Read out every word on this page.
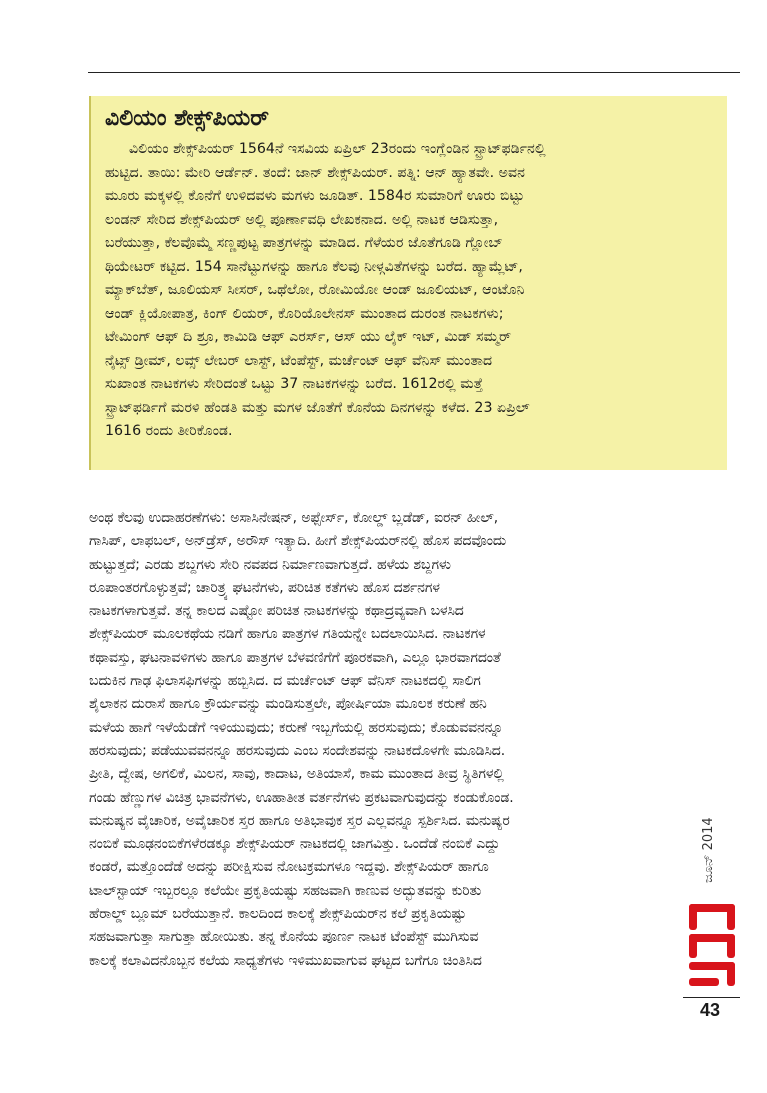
ವಿಲಿಯಂ ಶೇಕ್ಸ್‌ಪಿಯರ್
ವಿಲಿಯಂ ಶೇಕ್ಸ್‌ಪಿಯರ್ 1564ನೆ ಇಸವಿಯ ಏಪ್ರಿಲ್ 23ರಂದು ಇಂಗ್ಲೆಂಡಿನ ಸ್ಟ್ರಾಟ್‌ಫರ್ಡಿನಲ್ಲಿ
ಹುಟ್ಟಿದ. ತಾಯಿ: ಮೇರಿ ಆರ್ಡೆನ್. ತಂದೆ: ಜಾನ್ ಶೇಕ್ಸ್‌ಪಿಯರ್. ಪತ್ನಿ: ಆನ್ ಹ್ಯಾತವೇ. ಅವನ
ಮೂರು ಮಕ್ಕಳಲ್ಲಿ ಕೊನೆಗೆ ಉಳಿದವಳು ಮಗಳು ಜೂಡಿತ್. 1584ರ ಸುಮಾರಿಗೆ ಊರು ಬಿಟ್ಟು
ಲಂಡನ್ ಸೇರಿದ ಶೇಕ್ಸ್‌ಪಿಯರ್ ಅಲ್ಲಿ ಪೂರ್ಣಾವಧಿ ಲೇಖಕನಾದ. ಅಲ್ಲಿ ನಾಟಕ ಆಡಿಸುತ್ತಾ,
ಬರೆಯುತ್ತಾ, ಕೆಲವೊಮ್ಮೆ ಸಣ್ಣಪುಟ್ಟ ಪಾತ್ರಗಳನ್ನು ಮಾಡಿದ. ಗೆಳೆಯರ ಜೊತೆಗೂಡಿ ಗ್ಲೋಬ್
ಥಿಯೇಟರ್ ಕಟ್ಟಿದ. 154 ಸಾನೆಟ್ಟುಗಳನ್ನು ಹಾಗೂ ಕೆಲವು ನೀಳ್ಗವಿತೆಗಳನ್ನು ಬರೆದ. ಹ್ಯಾಮ್ಲೆಟ್,
ಮ್ಯಾಕ್‌ಬೆತ್, ಜೂಲಿಯಸ್ ಸೀಸರ್, ಒಥೆಲೋ, ರೋಮಿಯೋ ಆಂಡ್ ಜೂಲಿಯಟ್, ಆಂಟೊನಿ
ಆಂಡ್ ಕ್ಲಿಯೋಪಾತ್ರ, ಕಿಂಗ್ ಲಿಯರ್, ಕೊರಿಯೊಲೇನಸ್ ಮುಂತಾದ ದುರಂತ ನಾಟಕಗಳು;
ಟೇಮಿಂಗ್ ಆಫ್ ದಿ ಶ್ರೂ, ಕಾಮಿಡಿ ಆಫ್ ಎರರ್ಸ್, ಆಸ್ ಯು ಲೈಕ್ ಇಟ್, ಮಿಡ್ ಸಮ್ಮರ್
ನೈಟ್ಸ್ ಡ್ರೀಮ್, ಲವ್ಸ್ ಲೇಬರ್ ಲಾಸ್ಟ್, ಟೆಂಪೆಸ್ಟ್, ಮರ್ಚೆಂಟ್ ಆಫ್ ವೆನಿಸ್ ಮುಂತಾದ
ಸುಖಾಂತ ನಾಟಕಗಳು ಸೇರಿದಂತೆ ಒಟ್ಟು 37 ನಾಟಕಗಳನ್ನು ಬರೆದ. 1612ರಲ್ಲಿ ಮತ್ತೆ
ಸ್ಟ್ರಾಟ್‌ಫರ್ಡಿಗೆ ಮರಳಿ ಹೆಂಡತಿ ಮತ್ತು ಮಗಳ ಜೊತೆಗೆ ಕೊನೆಯ ದಿನಗಳನ್ನು ಕಳೆದ. 23 ಏಪ್ರಿಲ್
1616 ರಂದು ತೀರಿಕೊಂಡ.
ಅಂಥ ಕೆಲವು ಉದಾಹರಣೆಗಳು: ಅಸಾಸಿನೇಷನ್, ಅಫ್ಸೇರ್ಸ್, ಕೋಲ್ಡ್ ಬ್ಲಡೆಡ್, ಐರನ್ ಹೀಲ್,
ಗಾಸಿಪ್, ಲಾಫಬಲ್, ಅನ್‌ಡ್ರೆಸ್, ಅರೌಸ್ ಇತ್ಯಾದಿ. ಹೀಗೆ ಶೇಕ್ಸ್‌ಪಿಯರ್‌ನಲ್ಲಿ ಹೊಸ ಪದವೊಂದು
ಹುಟ್ಟುತ್ತದೆ; ಎರಡು ಶಬ್ದಗಳು ಸೇರಿ ನವಪದ ನಿರ್ಮಾಣವಾಗುತ್ತದೆ. ಹಳೆಯ ಶಬ್ದಗಳು
ರೂಪಾಂತರಗೊಳ್ಳುತ್ತವೆ; ಚಾರಿತ್ರ್ಯ ಘಟನೆಗಳು, ಪರಿಚಿತ ಕತೆಗಳು ಹೊಸ ದರ್ಶನಗಳ
ನಾಟಕಗಳಾಗುತ್ತವೆ. ತನ್ನ ಕಾಲದ ಎಷ್ಟೋ ಪರಿಚಿತ ನಾಟಕಗಳನ್ನು ಕಥಾದ್ರವ್ಯವಾಗಿ ಬಳಸಿದ
ಶೇಕ್ಸ್‌ಪಿಯರ್ ಮೂಲಕಥೆಯ ನಡಿಗೆ ಹಾಗೂ ಪಾತ್ರಗಳ ಗತಿಯನ್ನೇ ಬದಲಾಯಿಸಿದ. ನಾಟಕಗಳ
ಕಥಾವಸ್ತು, ಘಟನಾವಳಿಗಳು ಹಾಗೂ ಪಾತ್ರಗಳ ಬೆಳವಣಿಗೆಗೆ ಪೂರಕವಾಗಿ, ಎಲ್ಲೂ ಭಾರವಾಗದಂತೆ
ಬದುಕಿನ ಗಾಢ ಫಿಲಾಸಫಿಗಳನ್ನು ಹಬ್ಬಿಸಿದ. ದ ಮರ್ಚೆಂಟ್ ಆಫ್ ವೆನಿಸ್ ನಾಟಕದಲ್ಲಿ ಸಾಲಿಗ
ಶೈಲಾಕನ ದುರಾಸೆ ಹಾಗೂ ಕ್ರೌರ್ಯವನ್ನು ಮಂಡಿಸುತ್ತಲೇ, ಪೋರ್ಷಿಯಾ ಮೂಲಕ ಕರುಣೆ ಹನಿ
ಮಳೆಯ ಹಾಗೆ ಇಳೆಯೆಡೆಗೆ ಇಳಿಯುವುದು; ಕರುಣೆ ಇಬ್ಬಗೆಯಲ್ಲಿ ಹರಸುವುದು; ಕೊಡುವವನನ್ನೂ
ಹರಸುವುದು; ಪಡೆಯುವವನನ್ನೂ ಹರಸುವುದು ಎಂಬ ಸಂದೇಶವನ್ನು ನಾಟಕದೊಳಗೇ ಮೂಡಿಸಿದ.
ಪ್ರೀತಿ, ದ್ವೇಷ, ಅಗಲಿಕೆ, ಮಿಲನ, ಸಾವು, ಕಾದಾಟ, ಅತಿಯಾಸೆ, ಕಾಮ ಮುಂತಾದ ತೀವ್ರ ಸ್ಥಿತಿಗಳಲ್ಲಿ
ಗಂಡು ಹೆಣ್ಣುಗಳ ವಿಚಿತ್ರ ಭಾವನೆಗಳು, ಊಹಾತೀತ ವರ್ತನೆಗಳು ಪ್ರಕಟವಾಗುವುದನ್ನು ಕಂಡುಕೊಂಡ.
ಮನುಷ್ಯನ ವೈಚಾರಿಕ, ಅವೈಚಾರಿಕ ಸ್ತರ ಹಾಗೂ ಅತಿಭಾವುಕ ಸ್ತರ ಎಲ್ಲವನ್ನೂ ಸ್ಪರ್ಶಿಸಿದ. ಮನುಷ್ಯರ
ನಂಬಿಕೆ ಮೂಢನಂಬಿಕೆಗಳೆರಡಕ್ಕೂ ಶೇಕ್ಸ್‌ಪಿಯರ್ ನಾಟಕದಲ್ಲಿ ಜಾಗವಿತ್ತು. ಒಂದೆಡೆ ನಂಬಿಕೆ ಎದ್ದು
ಕಂಡರೆ, ಮತ್ತೊಂದೆಡೆ ಅದನ್ನು ಪರೀಕ್ಷಿಸುವ ನೋಟಕ್ರಮಗಳೂ ಇದ್ದವು. ಶೇಕ್ಸ್‌ಪಿಯರ್ ಹಾಗೂ
ಟಾಲ್‌ಸ್ಟಾಯ್ ಇಬ್ಬರಲ್ಲೂ ಕಲೆಯೇ ಪ್ರಕೃತಿಯಷ್ಟು ಸಹಜವಾಗಿ ಕಾಣುವ ಅದ್ಭುತವನ್ನು ಕುರಿತು
ಹೆರಾಲ್ಡ್ ಬ್ಲೂಮ್ ಬರೆಯುತ್ತಾನೆ. ಕಾಲದಿಂದ ಕಾಲಕ್ಕೆ ಶೇಕ್ಸ್‌ಪಿಯರ್‌ನ ಕಲೆ ಪ್ರಕೃತಿಯಷ್ಟು
ಸಹಜವಾಗುತ್ತಾ ಸಾಗುತ್ತಾ ಹೋಯಿತು. ತನ್ನ ಕೊನೆಯ ಪೂರ್ಣ ನಾಟಕ ಟೆಂಪೆಸ್ಟ್ ಮುಗಿಸುವ
ಕಾಲಕ್ಕೆ ಕಲಾವಿದನೊಬ್ಬನ ಕಲೆಯ ಸಾಧ್ಯತೆಗಳು ಇಳಿಮುಖವಾಗುವ ಘಟ್ಟದ ಬಗೆಗೂ ಚಿಂತಿಸಿದ
ಜೂನ್ 2014
43
